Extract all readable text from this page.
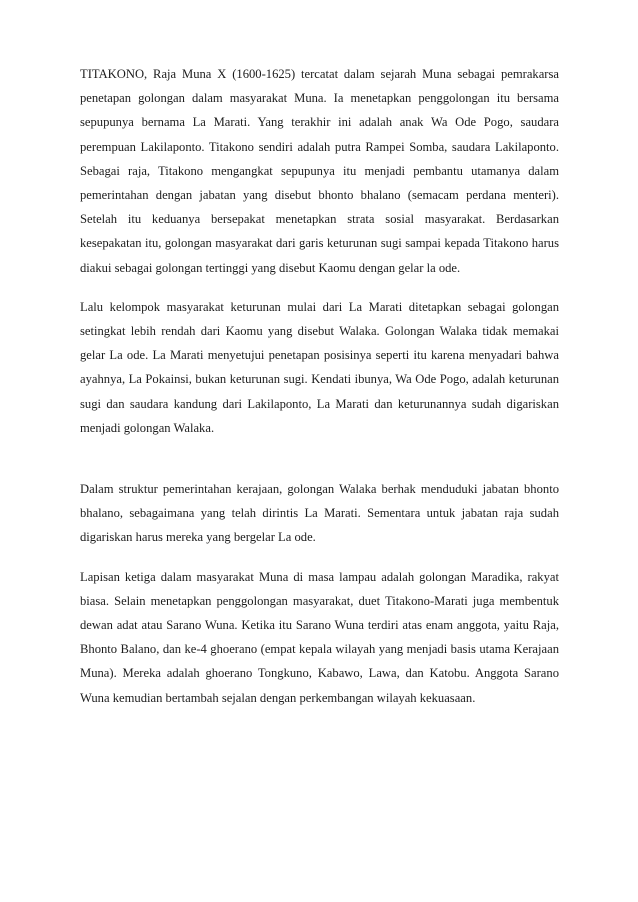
TITAKONO, Raja Muna X (1600-1625) tercatat dalam sejarah Muna sebagai pemrakarsa penetapan golongan dalam masyarakat Muna. Ia menetapkan penggolongan itu bersama sepupunya bernama La Marati. Yang terakhir ini adalah anak Wa Ode Pogo, saudara perempuan Lakilaponto. Titakono sendiri adalah putra Rampei Somba, saudara Lakilaponto. Sebagai raja, Titakono mengangkat sepupunya itu menjadi pembantu utamanya dalam pemerintahan dengan jabatan yang disebut bhonto bhalano (semacam perdana menteri). Setelah itu keduanya bersepakat menetapkan strata sosial masyarakat. Berdasarkan kesepakatan itu, golongan masyarakat dari garis keturunan sugi sampai kepada Titakono harus diakui sebagai golongan tertinggi yang disebut Kaomu dengan gelar la ode.

Lalu kelompok masyarakat keturunan mulai dari La Marati ditetapkan sebagai golongan setingkat lebih rendah dari Kaomu yang disebut Walaka. Golongan Walaka tidak memakai gelar La ode. La Marati menyetujui penetapan posisinya seperti itu karena menyadari bahwa ayahnya, La Pokainsi, bukan keturunan sugi. Kendati ibunya, Wa Ode Pogo, adalah keturunan sugi dan saudara kandung dari Lakilaponto, La Marati dan keturunannya sudah digariskan menjadi golongan Walaka.

Dalam struktur pemerintahan kerajaan, golongan Walaka berhak menduduki jabatan bhonto bhalano, sebagaimana yang telah dirintis La Marati. Sementara untuk jabatan raja sudah digariskan harus mereka yang bergelar La ode.

Lapisan ketiga dalam masyarakat Muna di masa lampau adalah golongan Maradika, rakyat biasa. Selain menetapkan penggolongan masyarakat, duet Titakono-Marati juga membentuk dewan adat atau Sarano Wuna. Ketika itu Sarano Wuna terdiri atas enam anggota, yaitu Raja, Bhonto Balano, dan ke-4 ghoerano (empat kepala wilayah yang menjadi basis utama Kerajaan Muna). Mereka adalah ghoerano Tongkuno, Kabawo, Lawa, dan Katobu. Anggota Sarano Wuna kemudian bertambah sejalan dengan perkembangan wilayah kekuasaan.
